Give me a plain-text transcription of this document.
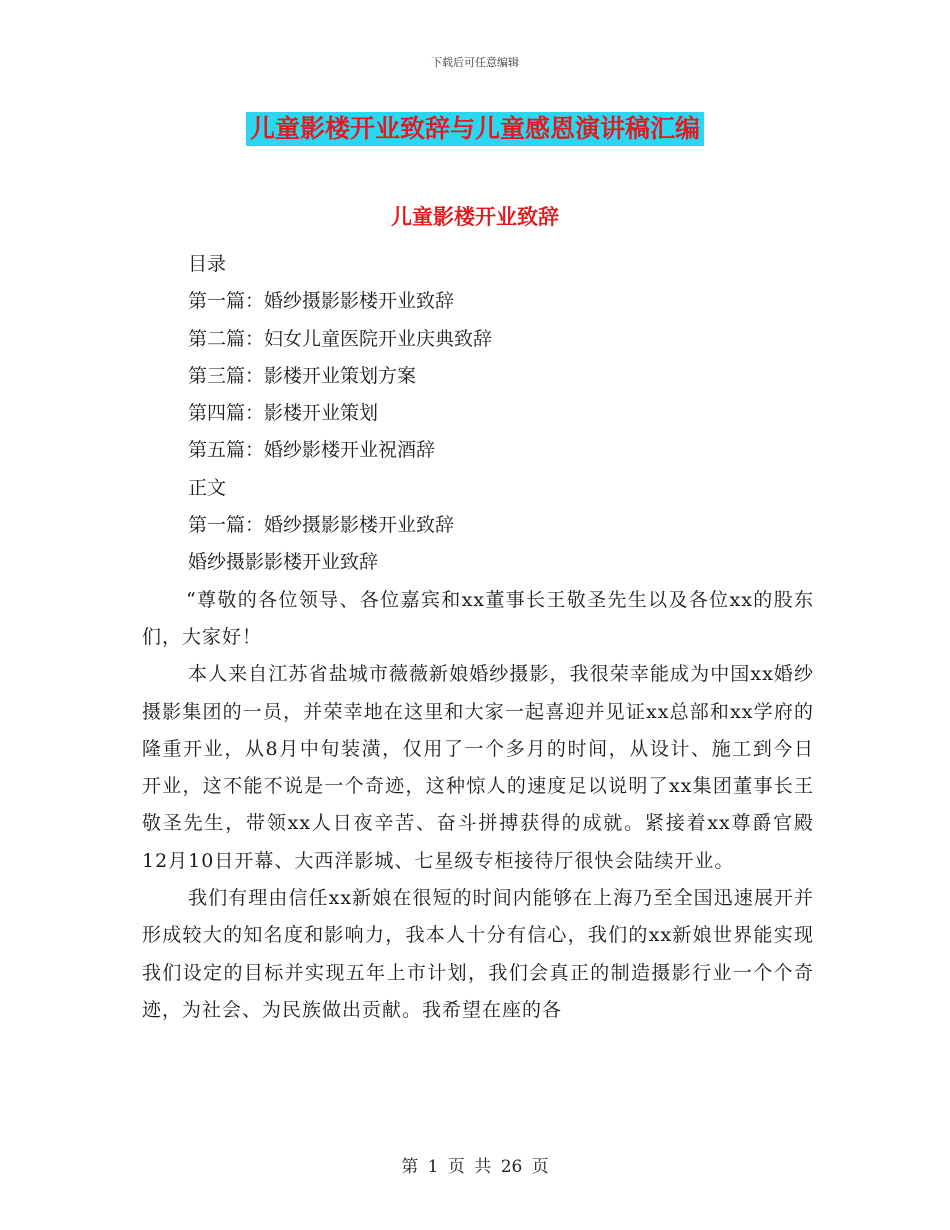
下载后可任意编辑
儿童影楼开业致辞与儿童感恩演讲稿汇编
儿童影楼开业致辞

目录

第一篇：婚纱摄影影楼开业致辞

第二篇：妇女儿童医院开业庆典致辞

第三篇：影楼开业策划方案

第四篇：影楼开业策划

第五篇：婚纱影楼开业祝酒辞

正文

第一篇：婚纱摄影影楼开业致辞

婚纱摄影影楼开业致辞

“尊敬的各位领导、各位嘉宾和xx董事长王敬圣先生以及各位xx的股东们，大家好！

本人来自江苏省盐城市薇薇新娘婚纱摄影，我很荣幸能成为中国xx婚纱摄影集团的一员，并荣幸地在这里和大家一起喜迎并见证xx总部和xx学府的隆重开业，从8月中旬装潢，仅用了一个多月的时间，从设计、施工到今日开业，这不能不说是一个奇迹，这种惊人的速度足以说明了xx集团董事长王敬圣先生，带领xx人日夜辛苦、奋斗拼搏获得的成就。紧接着xx尊爵官殿12月10日开幕、大西洋影城、七星级专柜接待厅很快会陆续开业。

我们有理由信任xx新娘在很短的时间内能够在上海乃至全国迅速展开并形成较大的知名度和影响力，我本人十分有信心，我们的xx新娘世界能实现我们设定的目标并实现五年上市计划，我们会真正的制造摄影行业一个个奇迹，为社会、为民族做出贡献。我希望在座的各

第 1 页 共 26 页
